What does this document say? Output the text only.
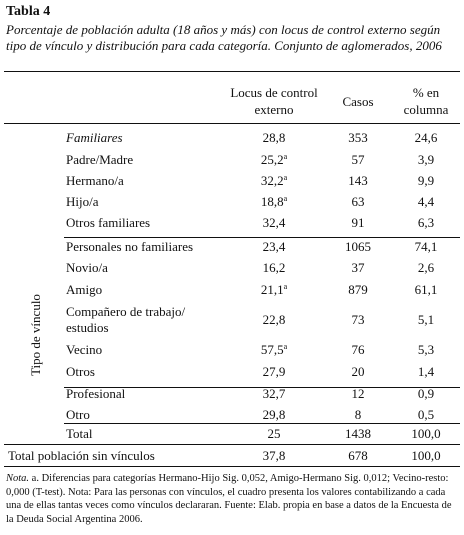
Tabla 4
Porcentaje de población adulta (18 años y más) con locus de control externo según tipo de vínculo y distribución para cada categoría. Conjunto de aglomerados, 2006
Locus de control
externo
Casos
% en
columna
Tipo de vínculo
Familiares	28,8	353	24,6
Padre/Madre	25,2$^a$	57	3,9
Hermano/a	32,2$^a$	143	9,9
Hijo/a	18,8$^a$	63	4,4
Otros familiares	32,4	91	6,3
Personales no familiares	23,4	1065	74,1
Novio/a	16,2	37	2,6
Amigo	21,1$^a$	879	61,1
Compañero de trabajo/
estudios
22,8	73	5,1
Vecino	57,5$^a$	76	5,3
Otros	27,9	20	1,4
Profesional	32,7	12	0,9
Otro	29,8	8	0,5
Total	25	1438	100,0
Total población sin vínculos	37,8	678	100,0
Nota. a. Diferencias para categorías Hermano-Hijo Sig. 0,052, Amigo-Hermano Sig. 0,012; Vecino-resto: 0,000 (T-test). Nota: Para las personas con vínculos, el cuadro presenta los valores contabilizando a cada una de ellas tantas veces como vínculos declararan. Fuente: Elab. propia en base a datos de la Encuesta de la Deuda Social Argentina 2006.
